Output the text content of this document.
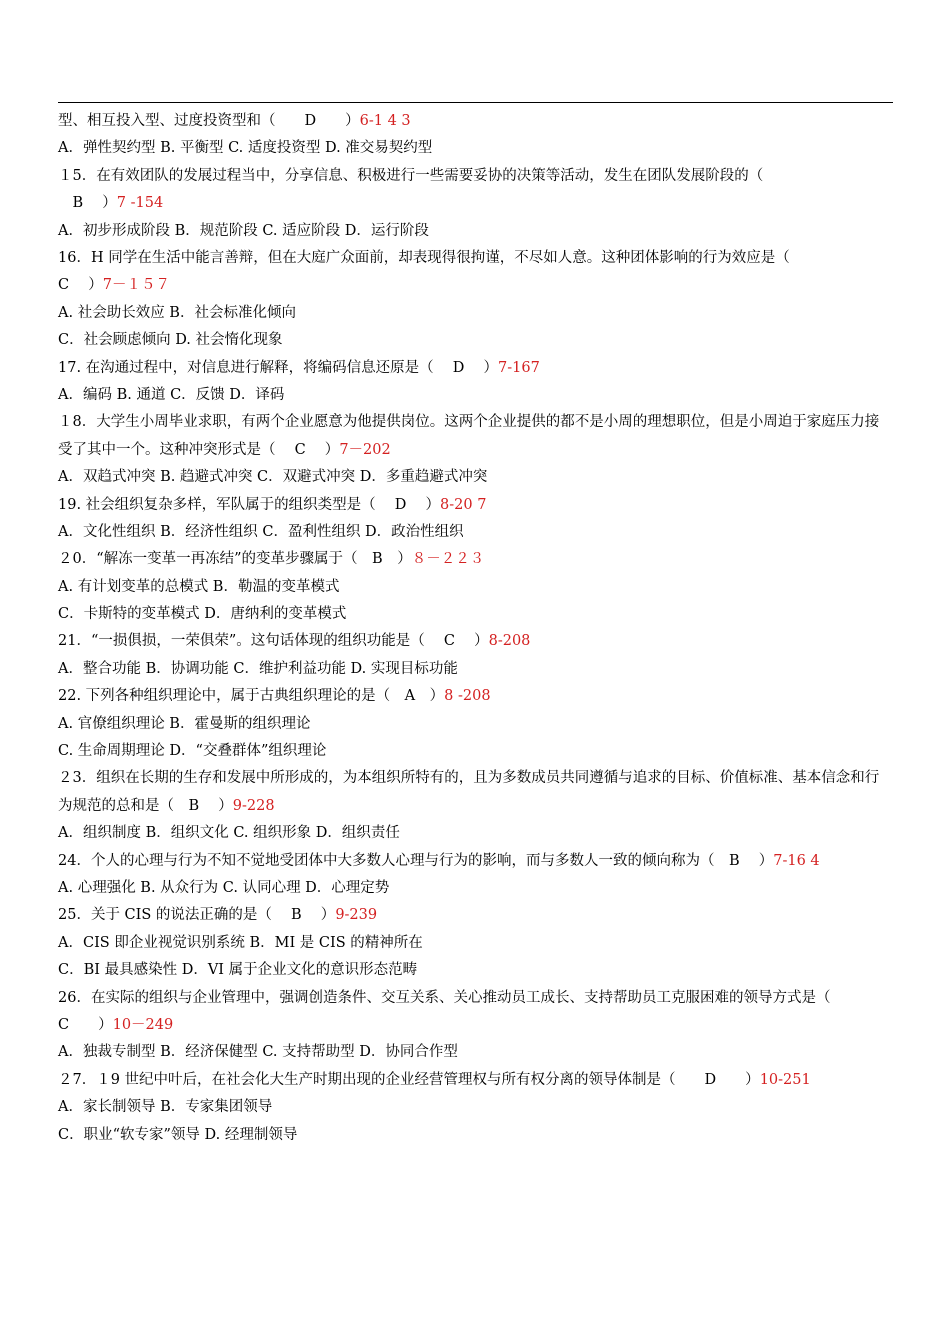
型、相互投入型、过度投资型和（　　D　　）6-1 4 3
A．弹性契约型 B. 平衡型 C. 适度投资型 D. 准交易契约型
１5．在有效团队的发展过程当中，分享信息、积极进行一些需要妥协的决策等活动，发生在团队发展阶段的（
　B　 ）7 -154
A．初步形成阶段 B．规范阶段 C. 适应阶段 D．运行阶段
16．H 同学在生活中能言善辩，但在大庭广众面前，却表现得很拘谨，不尽如人意。这种团体影响的行为效应是（
C　 ）7－１５７
A. 社会助长效应 B．社会标准化倾向
C．社会顾虑倾向 D. 社会惰化现象
17. 在沟通过程中，对信息进行解释，将编码信息还原是（　 D　 ）7-167
A．编码 B. 通道 C．反馈 D．译码
１8．大学生小周毕业求职，有两个企业愿意为他提供岗位。这两个企业提供的都不是小周的理想职位，但是小周迫于家庭压力接受了其中一个。这种冲突形式是（　 C　 ）7－202
A．双趋式冲突 B. 趋避式冲突 C．双避式冲突 D．多重趋避式冲突
19. 社会组织复杂多样，军队属于的组织类型是（　 D　 ）8-20 7
A．文化性组织 B．经济性组织 C．盈利性组织 D．政治性组织
２0．“解冻一变革一再冻结”的变革步骤属于（　B　）８－２２３
A. 有计划变革的总模式 B．勒温的变革模式
C．卡斯特的变革模式 D．唐纳利的变革模式
21．“一损俱损，一荣俱荣”。这句话体现的组织功能是（　 C　 ）8-208
A．整合功能 B．协调功能 C．维护利益功能 D. 实现目标功能
22. 下列各种组织理论中，属于古典组织理论的是（　A　）8 -208
A. 官僚组织理论 B．霍曼斯的组织理论
C. 生命周期理论 D．“交叠群体”组织理论
２3．组织在长期的生存和发展中所形成的，为本组织所特有的，且为多数成员共同遵循与追求的目标、价值标准、基本信念和行为规范的总和是（　B　 ）9-228
A．组织制度 B．组织文化 C. 组织形象 D．组织责任
24．个人的心理与行为不知不觉地受团体中大多数人心理与行为的影响，而与多数人一致的倾向称为（　B　 ）7-16 4
A. 心理强化 B. 从众行为 C. 认同心理 D．心理定势
25．关于 CIS 的说法正确的是（　 B　 ）9-239
A．CIS 即企业视觉识别系统 B．MI 是 CIS 的精神所在
C．BI 最具感染性 D．VI 属于企业文化的意识形态范畴
26．在实际的组织与企业管理中，强调创造条件、交互关系、关心推动员工成长、支持帮助员工克服困难的领导方式是（　　C　　）10－249
A．独裁专制型 B．经济保健型 C. 支持帮助型 D．协同合作型
２7．１9 世纪中叶后，在社会化大生产时期出现的企业经营管理权与所有权分离的领导体制是（　　D　　）10-251
A．家长制领导 B．专家集团领导
C．职业“软专家”领导 D. 经理制领导
